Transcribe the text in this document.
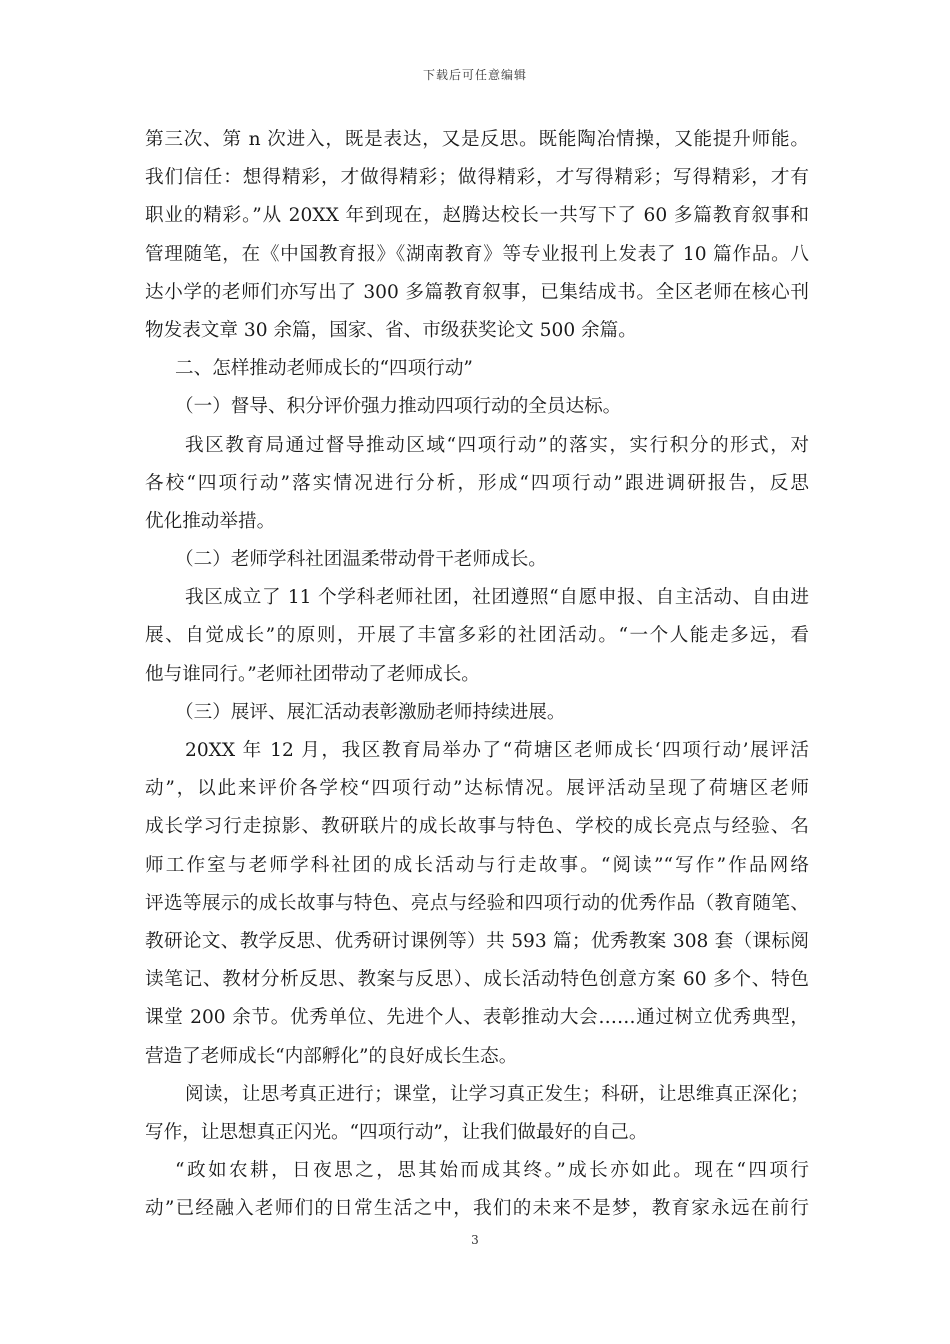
下载后可任意编辑
第三次、第 n 次进入，既是表达，又是反思。既能陶冶情操，又能提升师能。
我们信任：想得精彩，才做得精彩；做得精彩，才写得精彩；写得精彩，才有
职业的精彩。”从 20XX 年到现在，赵腾达校长一共写下了 60 多篇教育叙事和
管理随笔，在《中国教育报》《湖南教育》等专业报刊上发表了 10 篇作品。八
达小学的老师们亦写出了 300 多篇教育叙事，已集结成书。全区老师在核心刊
物发表文章 30 余篇，国家、省、市级获奖论文 500 余篇。
二、怎样推动老师成长的“四项行动”
（一）督导、积分评价强力推动四项行动的全员达标。
我区教育局通过督导推动区域“四项行动”的落实，实行积分的形式，对
各校“四项行动”落实情况进行分析，形成“四项行动”跟进调研报告，反思
优化推动举措。
（二）老师学科社团温柔带动骨干老师成长。
我区成立了 11 个学科老师社团，社团遵照“自愿申报、自主活动、自由进
展、自觉成长”的原则，开展了丰富多彩的社团活动。“一个人能走多远，看
他与谁同行。”老师社团带动了老师成长。
（三）展评、展汇活动表彰激励老师持续进展。
20XX 年 12 月，我区教育局举办了“荷塘区老师成长‘四项行动’展评活
动”，以此来评价各学校“四项行动”达标情况。展评活动呈现了荷塘区老师
成长学习行走掠影、教研联片的成长故事与特色、学校的成长亮点与经验、名
师工作室与老师学科社团的成长活动与行走故事。“阅读”“写作”作品网络
评选等展示的成长故事与特色、亮点与经验和四项行动的优秀作品（教育随笔、
教研论文、教学反思、优秀研讨课例等）共 593 篇；优秀教案 308 套（课标阅
读笔记、教材分析反思、教案与反思）、成长活动特色创意方案 60 多个、特色
课堂 200 余节。优秀单位、先进个人、表彰推动大会……通过树立优秀典型，
营造了老师成长“内部孵化”的良好成长生态。
阅读，让思考真正进行；课堂，让学习真正发生；科研，让思维真正深化；
写作，让思想真正闪光。“四项行动”，让我们做最好的自己。
“政如农耕，日夜思之，思其始而成其终。”成长亦如此。现在“四项行
动”已经融入老师们的日常生活之中，我们的未来不是梦，教育家永远在前行
3
